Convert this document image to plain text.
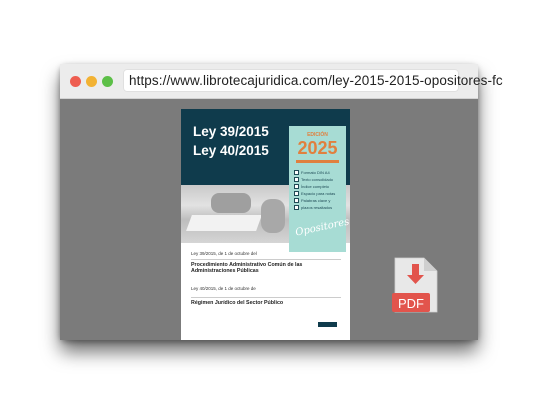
https://www.librotecajuridica.com/ley-2015-2015-opositores-fc
Ley 39/2015
Ley 40/2015
EDICIÓN
2025
Formato DIN A4
Texto consolidado
Índice completo
Espacio para notas
Palabras clave y
plazos resaltados
Opositores
Ley 39/2015, de 1 de octubre del
Procedimiento Administrativo Común de las Administraciones Públicas
Ley 40/2015, de 1 de octubre de
Régimen Jurídico del Sector Público	PDF
